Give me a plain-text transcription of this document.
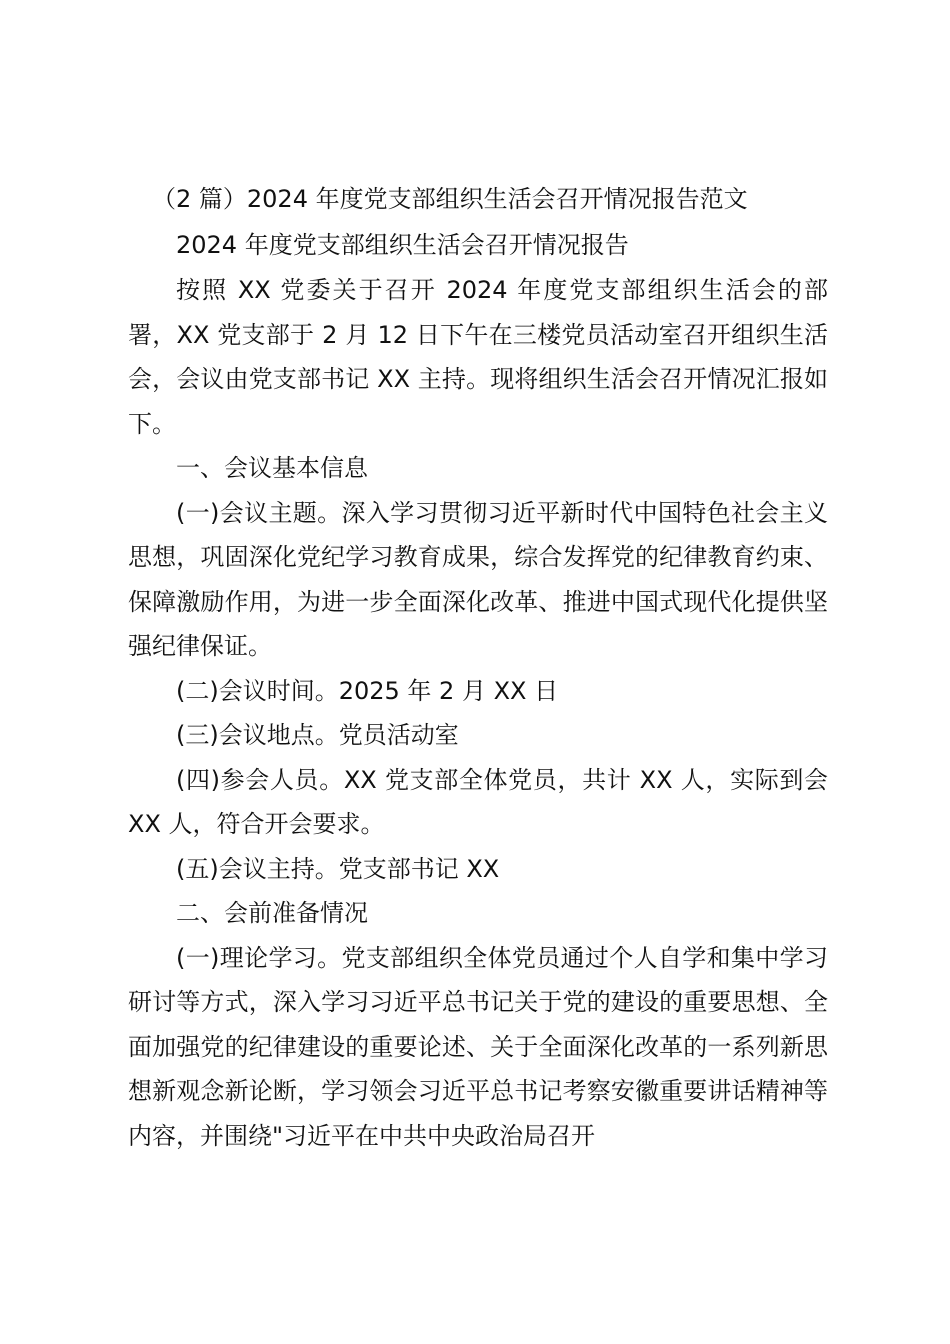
（2 篇）2024 年度党支部组织生活会召开情况报告范文

2024 年度党支部组织生活会召开情况报告

按照 XX 党委关于召开 2024 年度党支部组织生活会的部署，XX 党支部于 2 月 12 日下午在三楼党员活动室召开组织生活会，会议由党支部书记 XX 主持。现将组织生活会召开情况汇报如下。

一、会议基本信息

(一)会议主题。深入学习贯彻习近平新时代中国特色社会主义思想，巩固深化党纪学习教育成果，综合发挥党的纪律教育约束、保障激励作用，为进一步全面深化改革、推进中国式现代化提供坚强纪律保证。

(二)会议时间。2025 年 2 月 XX 日

(三)会议地点。党员活动室

(四)参会人员。XX 党支部全体党员，共计 XX 人，实际到会 XX 人，符合开会要求。

(五)会议主持。党支部书记 XX

二、会前准备情况

(一)理论学习。党支部组织全体党员通过个人自学和集中学习研讨等方式，深入学习习近平总书记关于党的建设的重要思想、全面加强党的纪律建设的重要论述、关于全面深化改革的一系列新思想新观念新论断，学习领会习近平总书记考察安徽重要讲话精神等内容，并围绕"习近平在中共中央政治局召开
